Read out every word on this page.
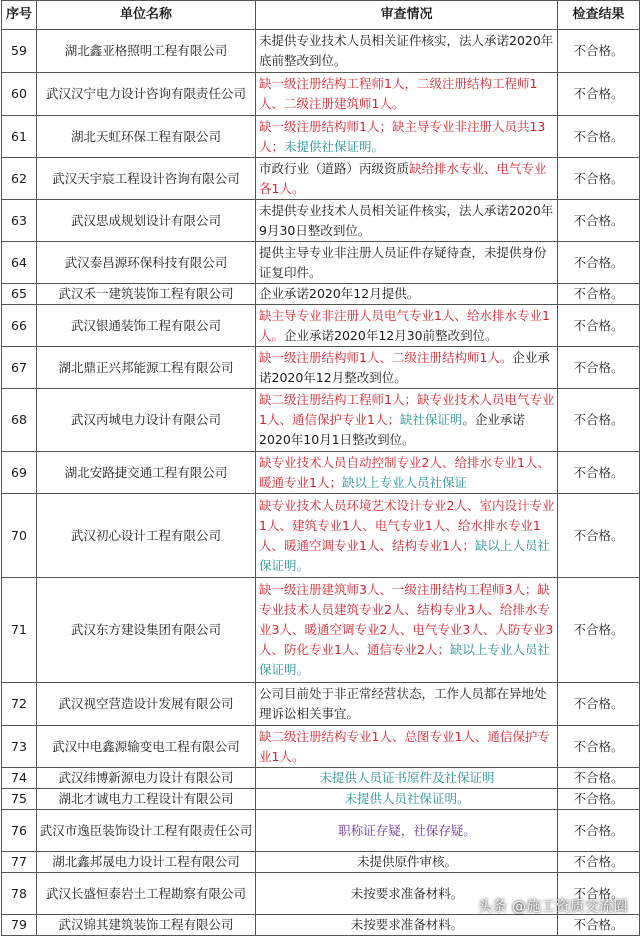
序号	单位名称	审查情况	检查结果
59	湖北鑫亚格照明工程有限公司	未提供专业技术人员相关证件核实，法人承诺2020年底前整改到位。	不合格。
60	武汉汉宁电力设计咨询有限责任公司	缺一级注册结构工程师1人，二级注册结构工程师1人、二级注册建筑师1人。	不合格。
61	湖北天虹环保工程有限公司	缺一级注册结构师1人；缺主导专业非注册人员共13人；未提供社保证明。	不合格。
62	武汉天宇宸工程设计咨询有限公司	市政行业（道路）丙级资质缺给排水专业、电气专业各1人。	不合格。
63	武汉思成规划设计有限公司	未提供专业技术人员相关证件核实，法人承诺2020年9月30日整改到位。	不合格。
64	武汉泰昌源环保科技有限公司	提供主导专业非注册人员证件存疑待查，未提供身份证复印件。	不合格。
65	武汉禾一建筑装饰工程有限公司	企业承诺2020年12月提供。	不合格。
66	武汉银通装饰工程有限公司	缺主导专业非注册人员电气专业1人、给水排水专业1人。企业承诺2020年12月30前整改到位。	不合格。
67	湖北鼎正兴邦能源工程有限公司	缺一级注册结构师1人、二级注册结构师1人。企业承诺2020年12月整改到位。	不合格。
68	武汉丙城电力设计有限公司	缺二级注册结构工程师1人；缺专业技术人员电气专业1人、通信保护专业1人；缺社保证明。企业承诺2020年10月1日整改到位。	不合格。
69	湖北安路捷交通工程有限公司	缺专业技术人员自动控制专业2人、给排水专业1人、暖通专业1人；缺以上专业人员社保证	不合格。
70	武汉初心设计工程有限公司	缺专业技术人员环境艺术设计专业2人、室内设计专业1人、建筑专业1人、电气专业1人、给水排水专业1人、暖通空调专业1人、结构专业1人；缺以上人员社保证明。	不合格。
71	武汉东方建设集团有限公司	缺一级注册建筑师3人、一级注册结构工程师3人；缺专业技术人员建筑专业2人、结构专业3人、给排水专业3人、暖通空调专业2人、电气专业3人、人防专业3人、防化专业1人、通信专业2人；缺以上专业人员社保证明。	不合格。
72	武汉视空营造设计发展有限公司	公司目前处于非正常经营状态，工作人员都在异地处理诉讼相关事宜。	不合格。
73	武汉中电鑫源输变电工程有限公司	缺二级注册结构专业1人、总图专业1人、通信保护专业1人。	不合格。
74	武汉纬博新源电力设计有限公司	未提供人员证书原件及社保证明	不合格。
75	湖北才诚电力工程设计有限公司	未提供人员社保证明。	不合格。
76	武汉市逸臣装饰设计工程有限责任公司	职称证存疑，社保存疑。	不合格。
77	湖北鑫邦晟电力设计工程有限公司	未提供原件审核。	不合格。
78	武汉长盛恒泰岩土工程勘察有限公司	未按要求准备材料。	不合格。
79	武汉锦其建筑装饰工程有限公司	未按要求准备材料。	不合格。
头条 @施工资质交流圈
